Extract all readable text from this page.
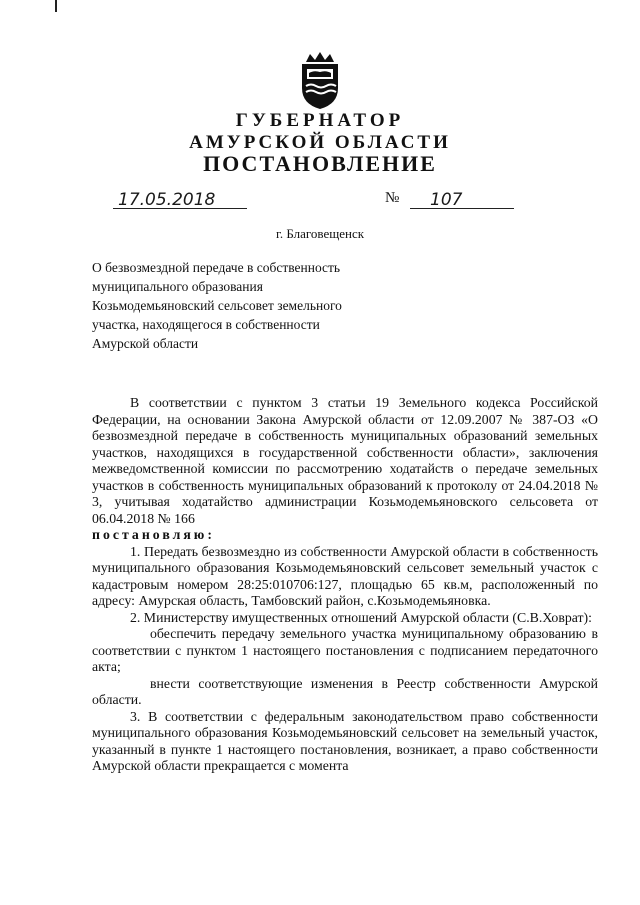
ГУБЕРНАТОР
АМУРСКОЙ ОБЛАСТИ
ПОСТАНОВЛЕНИЕ
17.05.2018	№ 107
г. Благовещенск
О безвозмездной передаче в собственность муниципального образования Козьмодемьяновский сельсовет земельного участка, находящегося в собственности Амурской области

В соответствии с пунктом 3 статьи 19 Земельного кодекса Российской Федерации, на основании Закона Амурской области от 12.09.2007 № 387-ОЗ «О безвозмездной передаче в собственность муниципальных образований земельных участков, находящихся в государственной собственности области», заключения межведомственной комиссии по рассмотрению ходатайств о передаче земельных участков в собственность муниципальных образований к протоколу от 24.04.2018 № 3, учитывая ходатайство администрации Козьмодемьяновского сельсовета от 06.04.2018 № 166

постановляю:

1. Передать безвозмездно из собственности Амурской области в собственность муниципального образования Козьмодемьяновский сельсовет земельный участок с кадастровым номером 28:25:010706:127, площадью 65 кв.м, расположенный по адресу: Амурская область, Тамбовский район, с.Козьмодемьяновка.

2. Министерству имущественных отношений Амурской области (С.В.Ховрат):

обеспечить передачу земельного участка муниципальному образованию в соответствии с пунктом 1 настоящего постановления с подписанием передаточного акта;

внести соответствующие изменения в Реестр собственности Амурской области.

3. В соответствии с федеральным законодательством право собственности муниципального образования Козьмодемьяновский сельсовет на земельный участок, указанный в пункте 1 настоящего постановления, возникает, а право собственности Амурской области прекращается с момента
